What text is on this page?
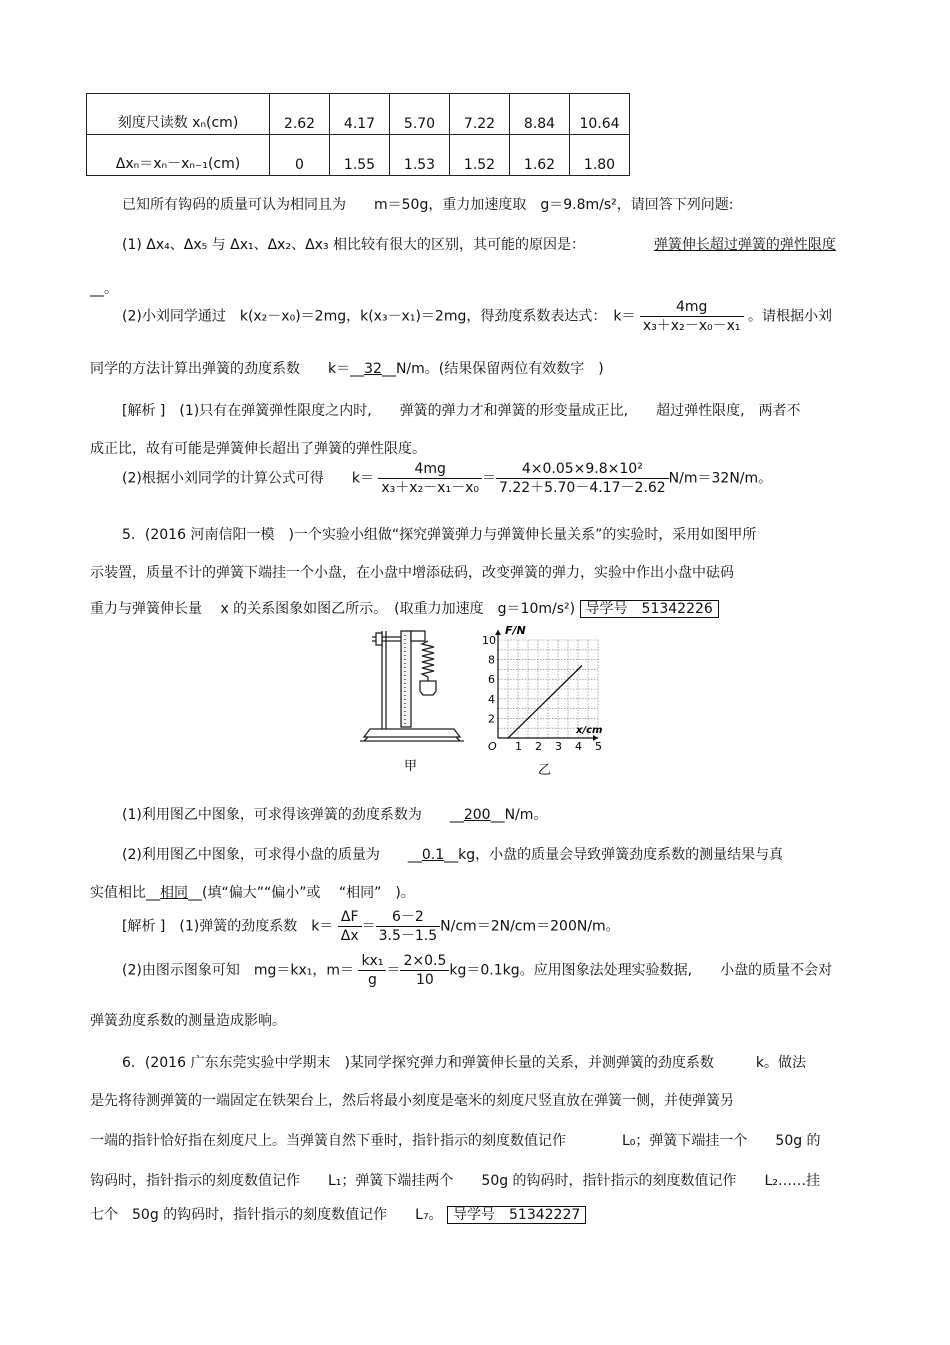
刻度尺读数 xₙ(cm)	2.62	4.17	5.70	7.22	8.84	10.64
Δxₙ＝xₙ－xₙ₋₁(cm)	0	1.55	1.53	1.52	1.62	1.80
已知所有钩码的质量可认为相同且为　　m＝50g，重力加速度取　g＝9.8m/s²，请回答下列问题:
(1) Δx₄、Δx₅ 与 Δx₁、Δx₂、Δx₃ 相比较有很大的区别，其可能的原因是：	弹簧伸长超过弹簧的弹性限度
__。
(2)小刘同学通过　k(x₂－x₀)＝2mg，k(x₃－x₁)＝2mg，得劲度系数表达式：　$k= \frac{4mg}{\text{x₃＋x₂－x₀－x₁}}$ 。请根据小刘
同学的方法计算出弹簧的劲度系数　　k＝__32__N/m。(结果保留两位有效数字　)
[解析 ]　(1)只有在弹簧弹性限度之内时,　　弹簧的弹力才和弹簧的形变量成正比,　　超过弹性限度,　两者不
成正比，故有可能是弹簧伸长超出了弹簧的弹性限度。
(2)根据小刘同学的计算公式可得　　$k= \frac{4mg}{\text{x₃＋x₂－x₁－x₀}} = \frac{\text{4×0.05×9.8×10²}}{7.22+5.70-4.17-2.62} N/m=32N/m$。
5．(2016 河南信阳一模　)一个实验小组做“探究弹簧弹力与弹簧伸长量关系”的实验时，采用如图甲所
示装置，质量不计的弹簧下端挂一个小盘，在小盘中增添砝码，改变弹簧的弹力，实验中作出小盘中砝码
重力与弹簧伸长量　 x 的关系图象如图乙所示。　(取重力加速度　g＝10m/s²) 导学号　51342226
甲
F/N
x/cm
O 1 2 3 4 5
2
4
6
8
10
乙
(1)利用图乙中图象，可求得该弹簧的劲度系数为　　__200__N/m。
(2)利用图乙中图象，可求得小盘的质量为　　__0.1__kg，小盘的质量会导致弹簧劲度系数的测量结果与真
实值相比__相同__(填“偏大”“偏小”或　 “相同”　)。
[解析 ]　(1)弹簧的劲度系数　$k= \frac{\Delta F}{\Delta x} = \frac{6-2}{3.5-1.5} N/cm=2N/cm=200N/m$。
(2)由图示图象可知　mg＝kx₁，$m= \frac{\text{kx₁}}{g} = \frac{2\times 0.5}{10} kg=0.1kg$。应用图象法处理实验数据,　　小盘的质量不会对
弹簧劲度系数的测量造成影响。
6．(2016 广东东莞实验中学期末　)某同学探究弹力和弹簧伸长量的关系，并测弹簧的劲度系数　　　k。做法
是先将待测弹簧的一端固定在铁架台上，然后将最小刻度是毫米的刻度尺竖直放在弹簧一侧，并使弹簧另
一端的指针恰好指在刻度尺上。当弹簧自然下垂时，指针指示的刻度数值记作　　　　L₀；弹簧下端挂一个　　50g 的
钩码时，指针指示的刻度数值记作　　L₁；弹簧下端挂两个　　50g 的钩码时，指针指示的刻度数值记作　　L₂……挂
七个　50g 的钩码时，指针指示的刻度数值记作　　L₇。 导学号　51342227
